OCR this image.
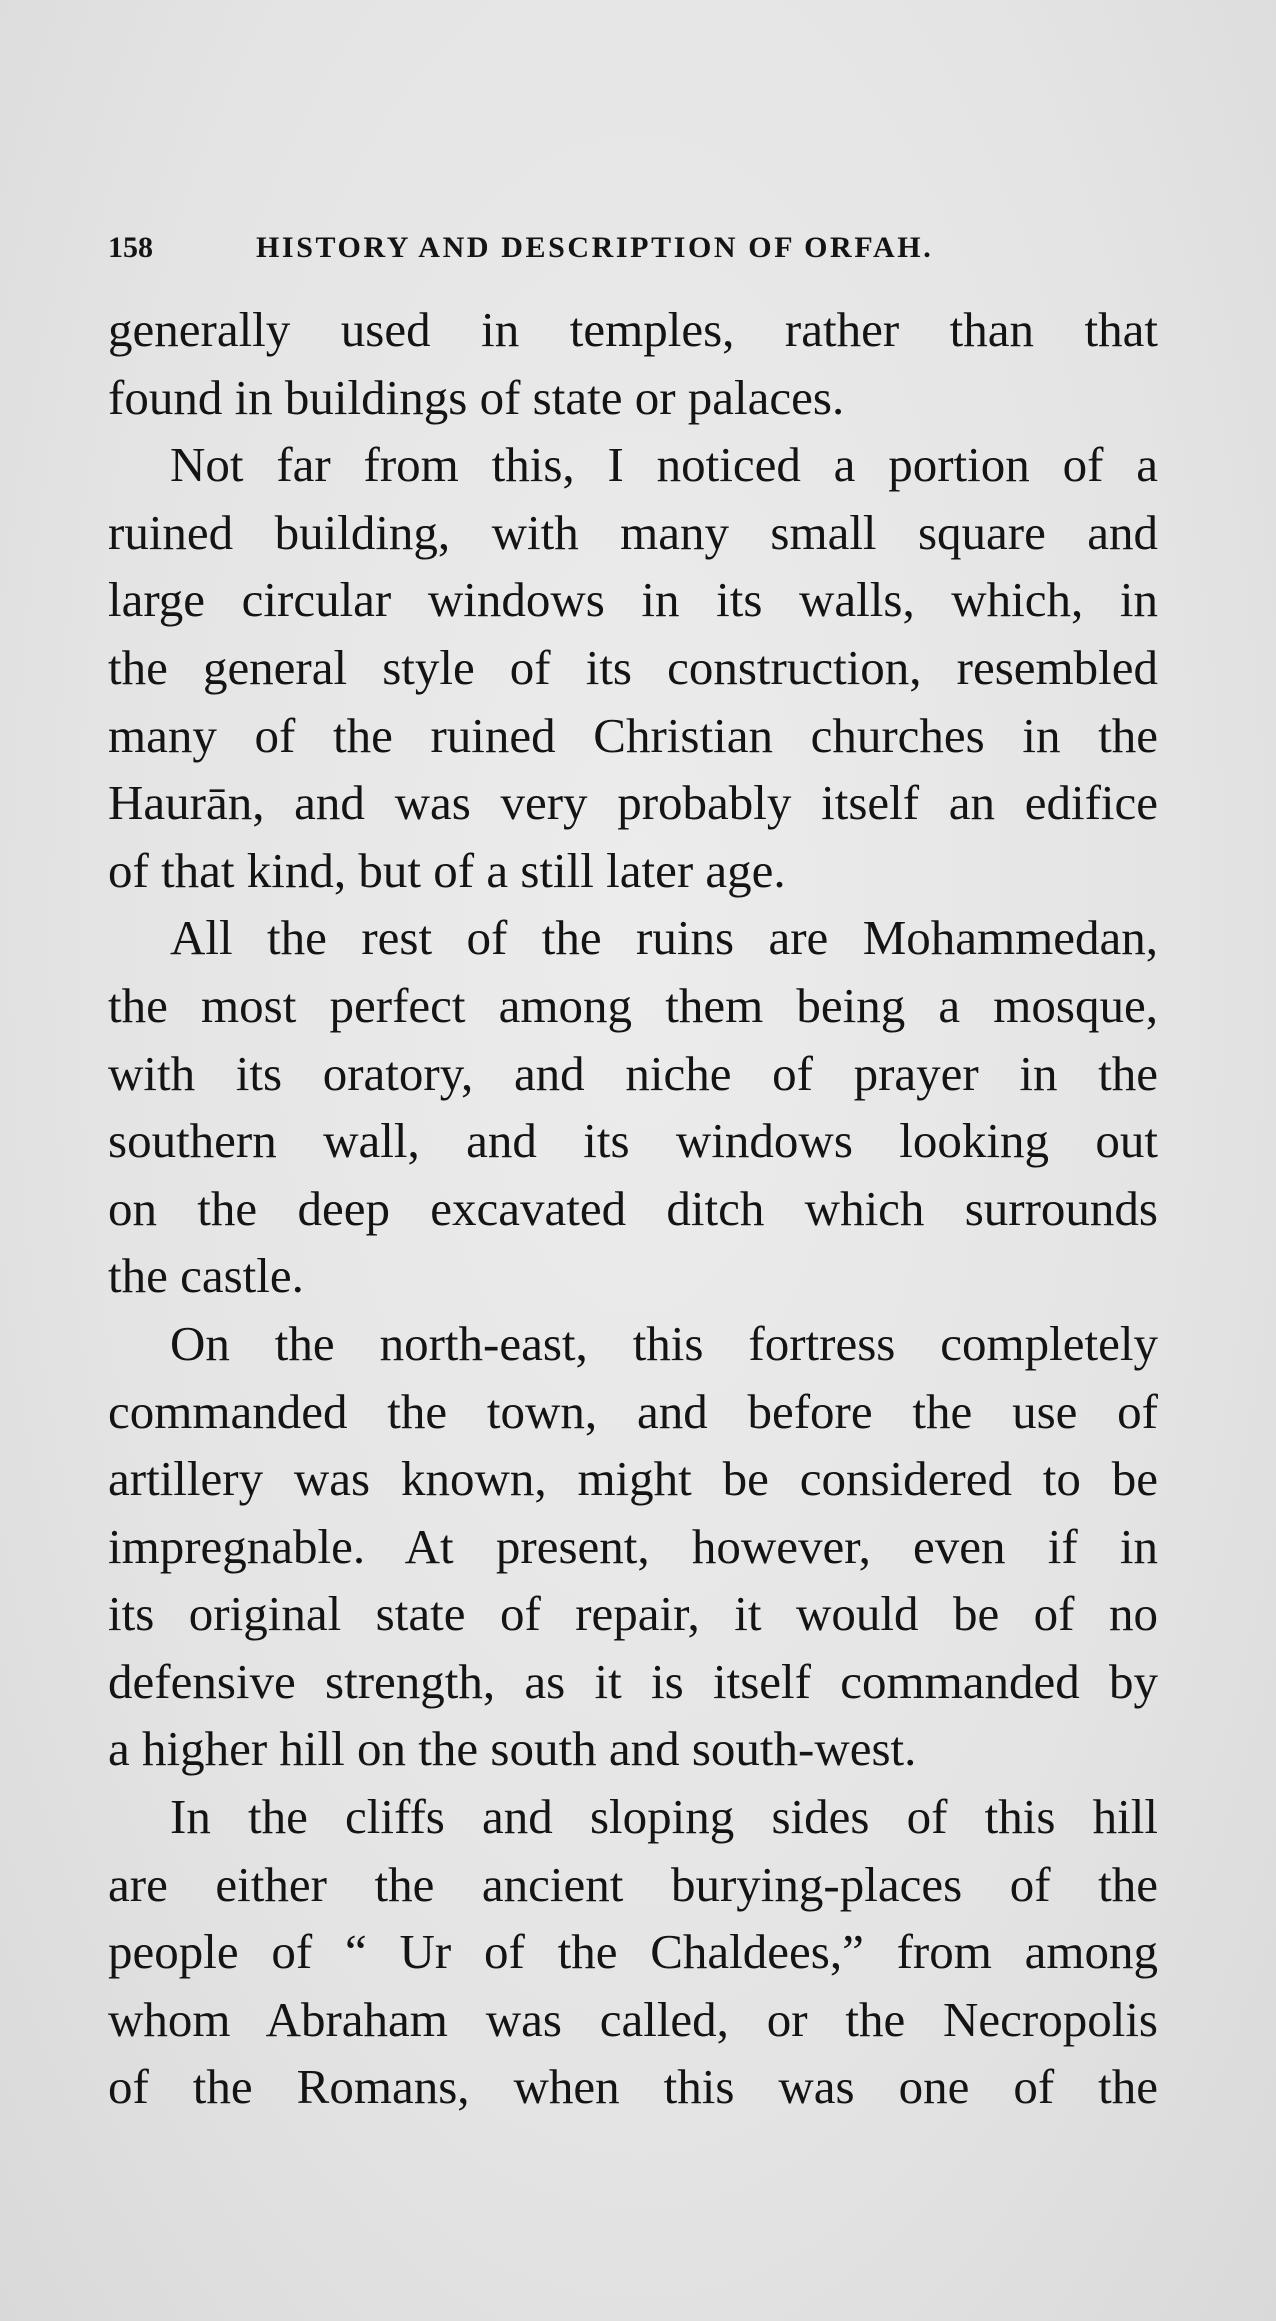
158	HISTORY AND DESCRIPTION OF ORFAH.
generally used in temples, rather than that
found in buildings of state or palaces.
Not far from this, I noticed a portion of a
ruined building, with many small square and
large circular windows in its walls, which, in
the general style of its construction, resembled
many of the ruined Christian churches in the
Haurān, and was very probably itself an edifice
of that kind, but of a still later age.
All the rest of the ruins are Mohammedan,
the most perfect among them being a mosque,
with its oratory, and niche of prayer in the
southern wall, and its windows looking out
on the deep excavated ditch which surrounds
the castle.
On the north-east, this fortress completely
commanded the town, and before the use of
artillery was known, might be considered to be
impregnable. At present, however, even if in
its original state of repair, it would be of no
defensive strength, as it is itself commanded by
a higher hill on the south and south-west.
In the cliffs and sloping sides of this hill
are either the ancient burying-places of the
people of “ Ur of the Chaldees,” from among
whom Abraham was called, or the Necropolis
of the Romans, when this was one of the
